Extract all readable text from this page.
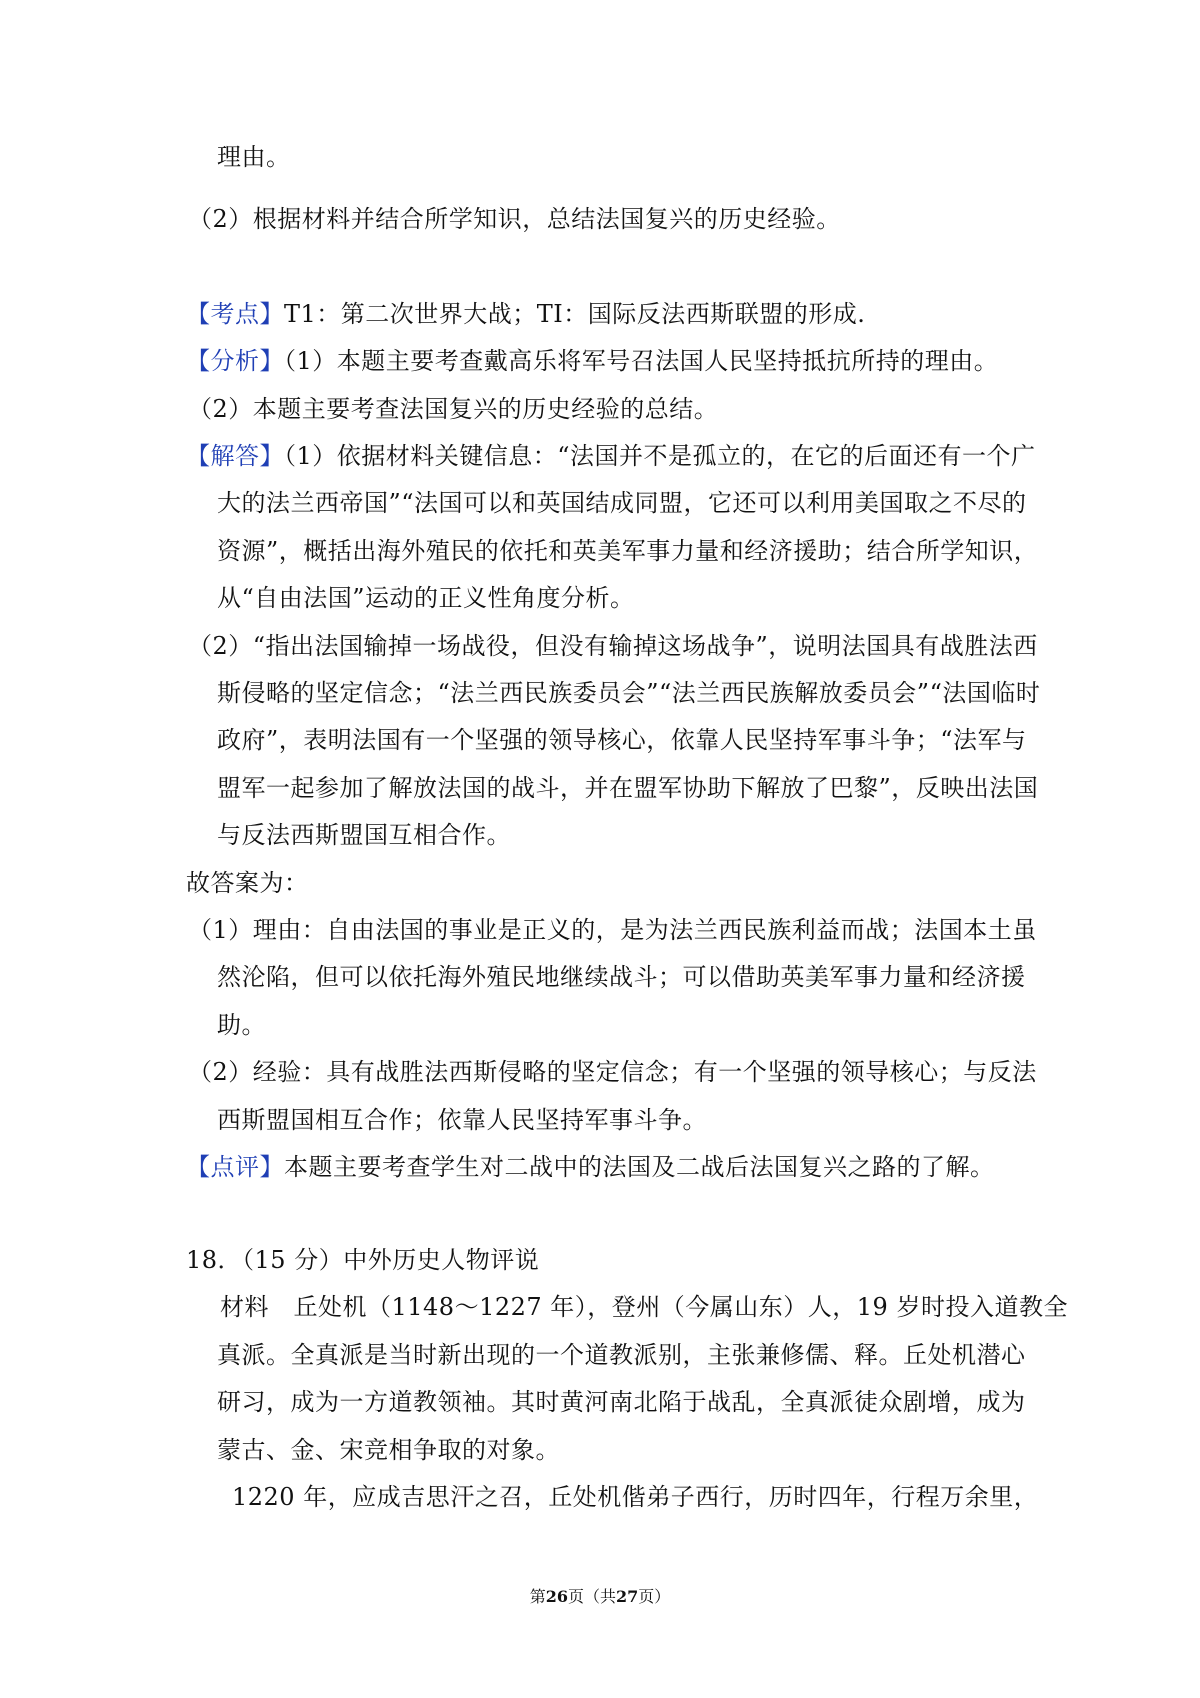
理由。
（2）根据材料并结合所学知识，总结法国复兴的历史经验。
【考点】T1：第二次世界大战；TI：国际反法西斯联盟的形成.
【分析】（1）本题主要考查戴高乐将军号召法国人民坚持抵抗所持的理由。
（2）本题主要考查法国复兴的历史经验的总结。
【解答】（1）依据材料关键信息：“法国并不是孤立的，在它的后面还有一个广
大的法兰西帝国”“法国可以和英国结成同盟，它还可以利用美国取之不尽的
资源”，概括出海外殖民的依托和英美军事力量和经济援助；结合所学知识，
从“自由法国”运动的正义性角度分析。
（2）“指出法国输掉一场战役，但没有输掉这场战争”，说明法国具有战胜法西
斯侵略的坚定信念；“法兰西民族委员会”“法兰西民族解放委员会”“法国临时
政府”，表明法国有一个坚强的领导核心，依靠人民坚持军事斗争；“法军与
盟军一起参加了解放法国的战斗，并在盟军协助下解放了巴黎”，反映出法国
与反法西斯盟国互相合作。
故答案为：
（1）理由：自由法国的事业是正义的，是为法兰西民族利益而战；法国本土虽
然沦陷，但可以依托海外殖民地继续战斗；可以借助英美军事力量和经济援
助。
（2）经验：具有战胜法西斯侵略的坚定信念；有一个坚强的领导核心；与反法
西斯盟国相互合作；依靠人民坚持军事斗争。
【点评】本题主要考查学生对二战中的法国及二战后法国复兴之路的了解。
18．（15 分）中外历史人物评说
材料　丘处机（1148～1227 年），登州（今属山东）人，19 岁时投入道教全
真派。全真派是当时新出现的一个道教派别，主张兼修儒、释。丘处机潜心
研习，成为一方道教领袖。其时黄河南北陷于战乱，全真派徒众剧增，成为
蒙古、金、宋竞相争取的对象。
1220 年，应成吉思汗之召，丘处机偕弟子西行，历时四年，行程万余里，
第26页（共27页）
